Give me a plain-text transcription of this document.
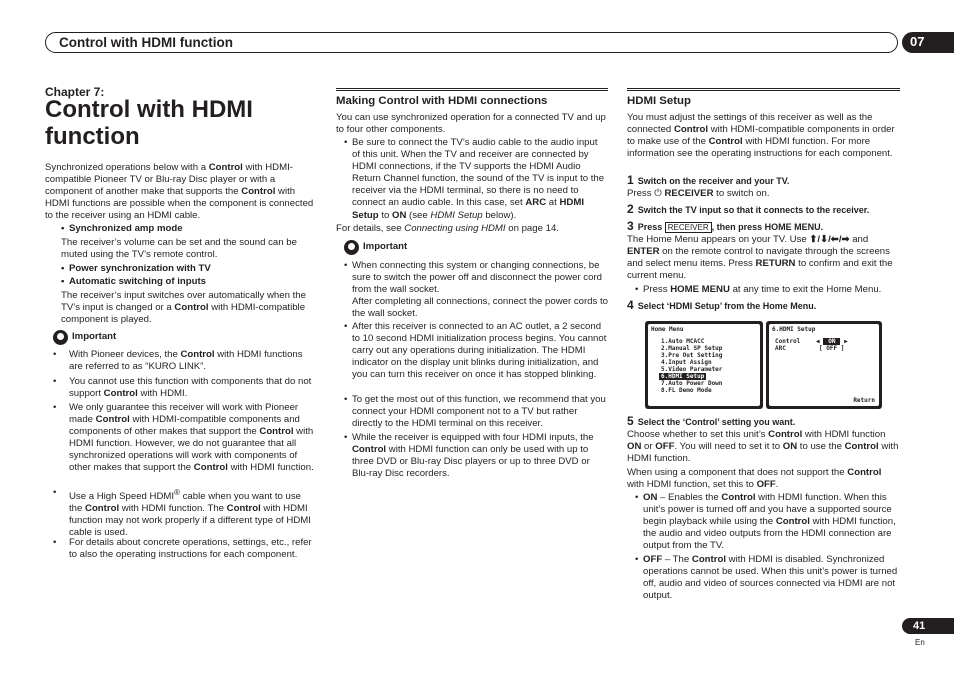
Control with HDMI function	07
Chapter 7:
Control with HDMI function

Synchronized operations below with a Control with HDMI-compatible Pioneer TV or Blu-ray Disc player or with a component of another make that supports the Control with HDMI functions are possible when the component is connected to the receiver using an HDMI cable.

• Synchronized amp mode

The receiver’s volume can be set and the sound can be muted using the TV’s remote control.

• Power synchronization with TV
• Automatic switching of inputs

The receiver’s input switches over automatically when the TV’s input is changed or a Control with HDMI-compatible component is played.

Important
• With Pioneer devices, the Control with HDMI functions are referred to as “KURO LINK”.
• You cannot use this function with components that do not support Control with HDMI.
• We only guarantee this receiver will work with Pioneer made Control with HDMI-compatible components and components of other makes that support the Control with HDMI function. However, we do not guarantee that all synchronized operations will work with components of other makes that support the Control with HDMI function.
• Use a High Speed HDMI® cable when you want to use the Control with HDMI function. The Control with HDMI function may not work properly if a different type of HDMI cable is used.
• For details about concrete operations, settings, etc., refer to also the operating instructions for each component.
Making Control with HDMI connections

You can use synchronized operation for a connected TV and up to four other components.

• Be sure to connect the TV’s audio cable to the audio input of this unit. When the TV and receiver are connected by HDMI connections, if the TV supports the HDMI Audio Return Channel function, the sound of the TV is input to the receiver via the HDMI terminal, so there is no need to connect an audio cable. In this case, set ARC at HDMI Setup to ON (see HDMI Setup below).

For details, see Connecting using HDMI on page 14.

Important
• When connecting this system or changing connections, be sure to switch the power off and disconnect the power cord from the wall socket.

After completing all connections, connect the power cords to the wall socket.

• After this receiver is connected to an AC outlet, a 2 second to 10 second HDMI initialization process begins. You cannot carry out any operations during initialization. The HDMI indicator on the display unit blinks during initialization, and you can turn this receiver on once it has stopped blinking.
• To get the most out of this function, we recommend that you connect your HDMI component not to a TV but rather directly to the HDMI terminal on this receiver.
• While the receiver is equipped with four HDMI inputs, the Control with HDMI function can only be used with up to three DVD or Blu-ray Disc players or up to three DVD or Blu-ray Disc recorders.
HDMI Setup

You must adjust the settings of this receiver as well as the connected Control with HDMI-compatible components in order to make use of the Control with HDMI function. For more information see the operating instructions for each component.

1 Switch on the receiver and your TV.

Press ⏻ RECEIVER to switch on.

2 Switch the TV input so that it connects to the receiver.
3 Press RECEIVER , then press HOME MENU.

The Home Menu appears on your TV. Use ⬆/⬇/⬅/➡ and ENTER on the remote control to navigate through the screens and select menu items. Press RETURN to confirm and exit the current menu.

• Press HOME MENU at any time to exit the Home Menu.
4 Select ‘HDMI Setup’ from the Home Menu.
Home Menu
1.Auto MCACC
2.Manual SP Setup
3.Pre Out Setting
4.Input Assign
5.Video Parameter
6.HDMI Setup
7.Auto Power Down
8.FL Demo Mode
6.HDMI Setup
Control
ARC
◀ ON ▶
[ OFF ]
Return
5 Select the ‘Control’ setting you want.

Choose whether to set this unit’s Control with HDMI function ON or OFF. You will need to set it to ON to use the Control with HDMI function.

When using a component that does not support the Control with HDMI function, set this to OFF.

• ON – Enables the Control with HDMI function. When this unit’s power is turned off and you have a supported source begin playback while using the Control with HDMI function, the audio and video outputs from the HDMI connection are output from the TV.
• OFF – The Control with HDMI is disabled. Synchronized operations cannot be used. When this unit’s power is turned off, audio and video of sources connected via HDMI are not output.
41
En
